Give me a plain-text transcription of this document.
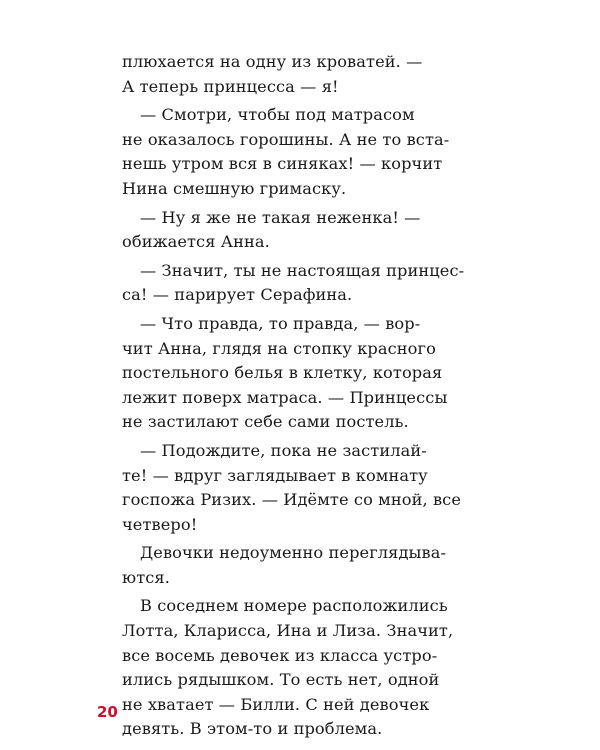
плюхается на одну из кроватей. —
А теперь принцесса — я!
— Смотри, чтобы под матрасом
не оказалось горошины. А не то вста-
нешь утром вся в синяках! — корчит
Нина смешную гримаску.
— Ну я же не такая неженка! —
обижается Анна.
— Значит, ты не настоящая принцес-
са! — парирует Серафина.
— Что правда, то правда, — вор-
чит Анна, глядя на стопку красного
постельного белья в клетку, которая
лежит поверх матраса. — Принцессы
не застилают себе сами постель.
— Подождите, пока не застилай-
те! — вдруг заглядывает в комнату
госпожа Ризих. — Идёмте со мной, все
четверо!
Девочки недоуменно переглядыва-
ются.
В соседнем номере расположились
Лотта, Кларисса, Ина и Лиза. Значит,
все восемь девочек из класса устро-
ились рядышком. То есть нет, одной
не хватает — Билли. С ней девочек
девять. В этом-то и проблема.
20
